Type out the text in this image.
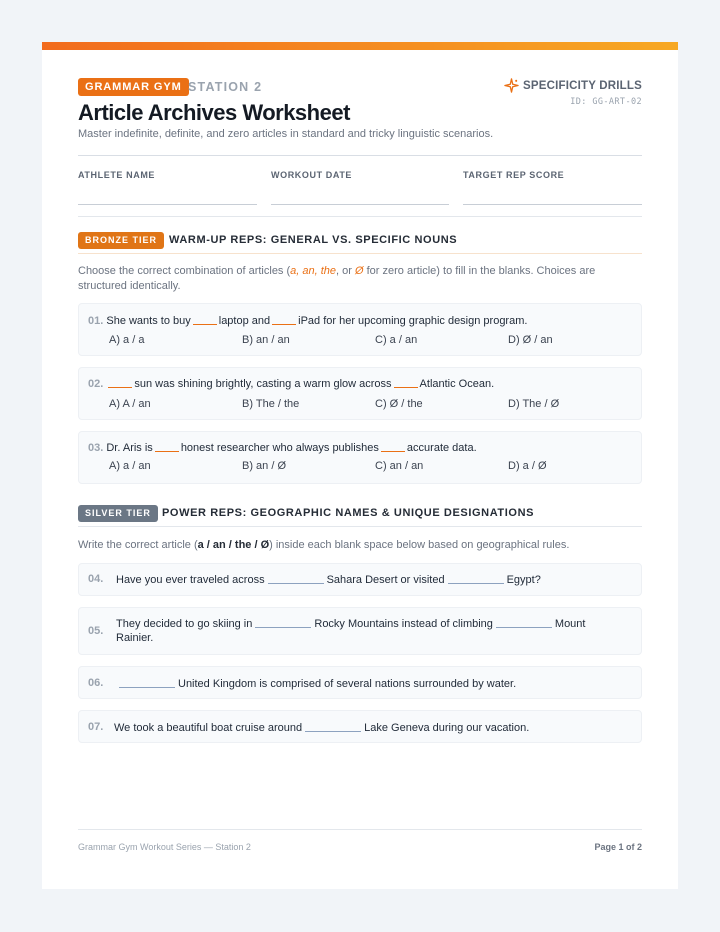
GRAMMAR GYM STATION 2	SPECIFICITY DRILLS
ID: GG-ART-02
Article Archives Worksheet
Master indefinite, definite, and zero articles in standard and tricky linguistic scenarios.
ATHLETE NAME	WORKOUT DATE	TARGET REP SCORE
BRONZE TIER	WARM-UP REPS: GENERAL VS. SPECIFIC NOUNS
Choose the correct combination of articles (a, an, the, or Ø for zero article) to fill in the blanks. Choices are structured identically.
01. She wants to buy	laptop and	iPad for her upcoming graphic design program.
A) a / a	B) an / an	C) a / an	D) Ø / an
02.	sun was shining brightly, casting a warm glow across	Atlantic Ocean.
A) A / an	B) The / the	C) Ø / the	D) The / Ø
03. Dr. Aris is	honest researcher who always publishes	accurate data.
A) a / an	B) an / Ø	C) an / an	D) a / Ø
SILVER TIER	POWER REPS: GEOGRAPHIC NAMES & UNIQUE DESIGNATIONS
Write the correct article (a / an / the / Ø) inside each blank space below based on geographical rules.
04. Have you ever traveled across	Sahara Desert or visited	Egypt?
05.
They decided to go skiing in	Rocky Mountains instead of climbing	Mount Rainier.
06.	United Kingdom is comprised of several nations surrounded by water.
07. We took a beautiful boat cruise around	Lake Geneva during our vacation.
Grammar Gym Workout Series — Station 2	Page 1 of 2
